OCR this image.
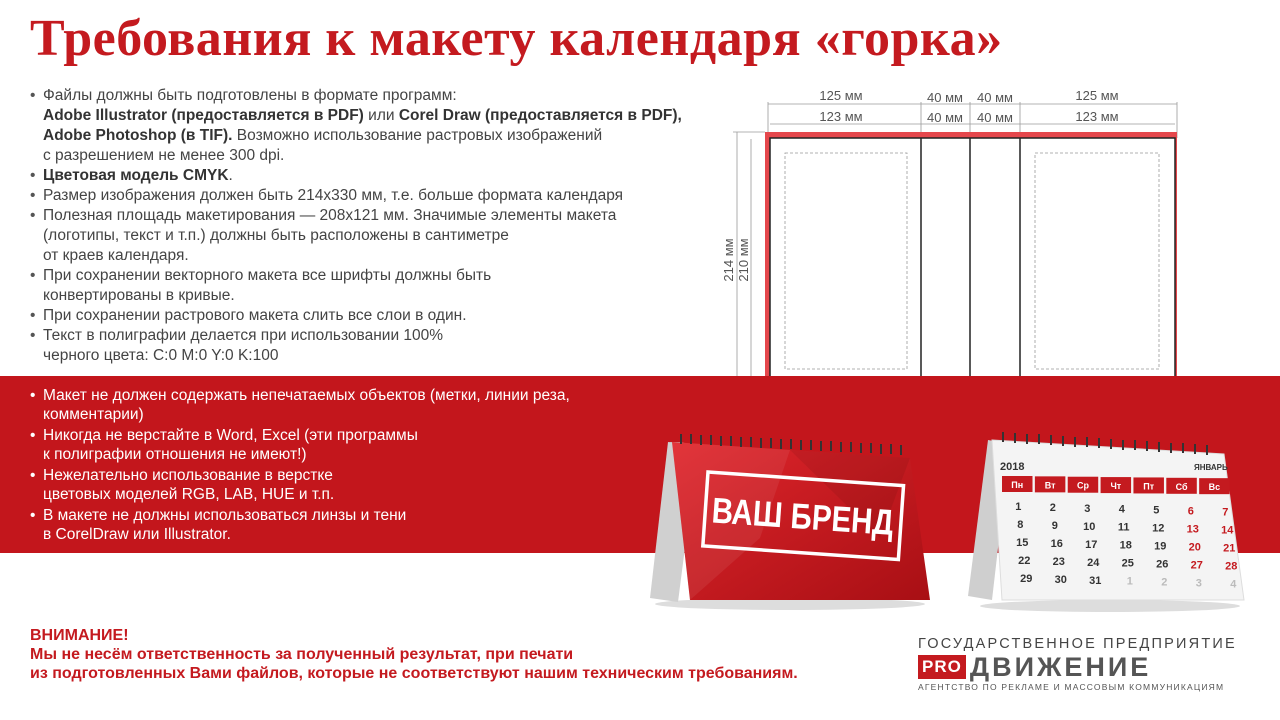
Требования к макету календаря «горка»
• Файлы должны быть подготовлены в формате программ:
Adobe Illustrator (предоставляется в PDF) или Corel Draw (предоставляется в PDF),
Adobe Photoshop (в TIF). Возможно использование растровых изображений
с разрешением не менее 300 dpi.
• Цветовая модель CMYK.
• Размер изображения должен быть 214х330 мм, т.е. больше формата календаря
• Полезная площадь макетирования — 208х121 мм. Значимые элементы макета
(логотипы, текст и т.п.) должны быть расположены в сантиметре
от краев календаря.
• При сохранении векторного макета все шрифты должны быть
конвертированы в кривые.
• При сохранении растрового макета слить все слои в один.
• Текст в полиграфии делается при использовании 100%
черного цвета: C:0 M:0 Y:0 K:100
125 мм	40 мм 40 мм	125 мм
123 мм	40 мм 40 мм	123 мм
214 мм 210 мм
• Макет не должен содержать непечатаемых объектов (метки, линии реза,
комментарии)
• Никогда не верстайте в Word, Excel (эти программы
к полиграфии отношения не имеют!)
• Нежелательно использование в верстке
цветовых моделей RGB, LAB, HUE и т.п.
• В макете не должны использоваться линзы и тени
в CorelDraw или Illustrator.	ВАШ БРЕНД
2018	ЯНВАРЬ
Пн Вт Ср Чт Пт Сб Вс
1	2	3	4	5	6	7
8	9 10 11 12 13 14
15 16 17 18 19 20 21
22 23 24 25 26 27 28
29 30 31 1	2	3	4
ВНИМАНИЕ!
Мы не несём ответственность за полученный результат, при печати
из подготовленных Вами файлов, которые не соответствуют нашим техническим требованиям.
ГОСУДАРСТВЕННОЕ ПРЕДПРИЯТИЕ
PRO ДВИЖЕНИЕ
АГЕНТСТВО ПО РЕКЛАМЕ И МАССОВЫМ КОММУНИКАЦИЯМ
